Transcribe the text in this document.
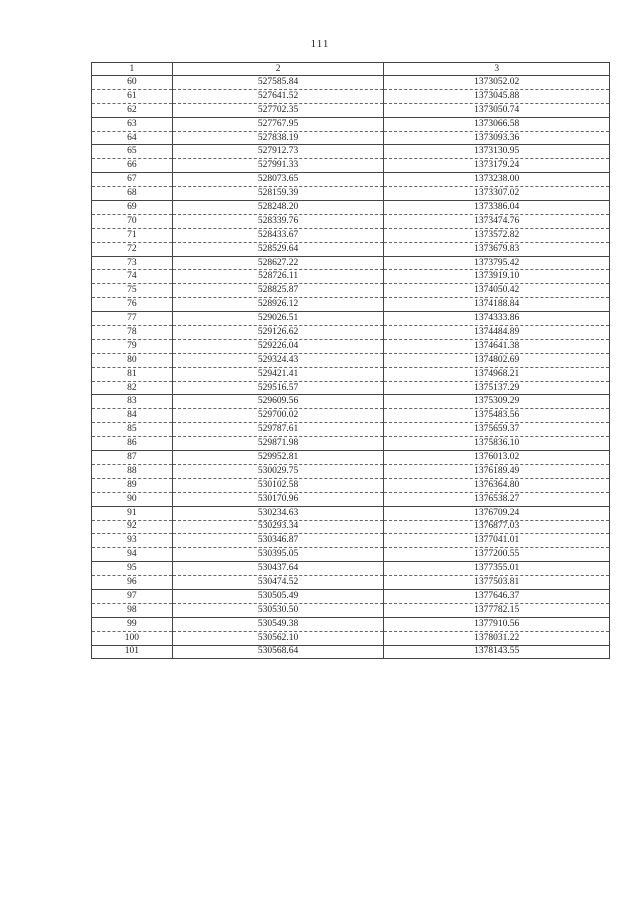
111
1	2	3
60	527585.84	1373052.02
61	527641.52	1373045.88
62	527702.35	1373050.74
63	527767.95	1373066.58
64	527838.19	1373093.36
65	527912.73	1373130.95
66	527991.33	1373179.24
67	528073.65	1373238.00
68	528159.39	1373307.02
69	528248.20	1373386.04
70	528339.76	1373474.76
71	528433.67	1373572.82
72	528529.64	1373679.83
73	528627.22	1373795.42
74	528726.11	1373919.10
75	528825.87	1374050.42
76	528926.12	1374188.84
77	529026.51	1374333.86
78	529126.62	1374484.89
79	529226.04	1374641.38
80	529324.43	1374802.69
81	529421.41	1374968.21
82	529516.57	1375137.29
83	529609.56	1375309.29
84	529700.02	1375483.56
85	529787.61	1375659.37
86	529871.98	1375836.10
87	529952.81	1376013.02
88	530029.75	1376189.49
89	530102.58	1376364.80
90	530170.96	1376538.27
91	530234.63	1376709.24
92	530293.34	1376877.03
93	530346.87	1377041.01
94	530395.05	1377200.55
95	530437.64	1377355.01
96	530474.52	1377503.81
97	530505.49	1377646.37
98	530530.50	1377782.15
99	530549.38	1377910.56
100	530562.10	1378031.22
101	530568.64	1378143.55
